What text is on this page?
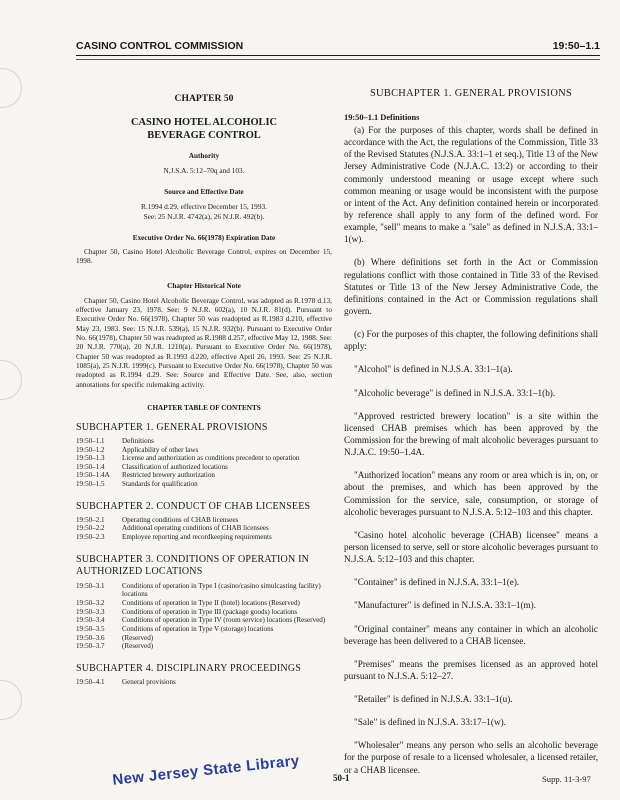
CASINO CONTROL COMMISSION	19:50–1.1
CHAPTER 50
CASINO HOTEL ALCOHOLIC
BEVERAGE CONTROL
Authority
N.J.S.A. 5:12–70q and 103.
Source and Effective Date
R.1994 d.29, effective December 15, 1993.
See: 25 N.J.R. 4742(a), 26 N.J.R. 492(b).
Executive Order No. 66(1978) Expiration Date
Chapter 50, Casino Hotel Alcoholic Beverage Control, expires on December 15, 1998.
Chapter Historical Note
Chapter 50, Casino Hotel Alcoholic Beverage Control, was adopted as R.1978 d.13, effective January 23, 1978. See: 9 N.J.R. 602(a), 10 N.J.R. 81(d). Pursuant to Executive Order No. 66(1978), Chapter 50 was readopted as R.1983 d.210, effective May 23, 1983. See: 15 N.J.R. 539(a), 15 N.J.R. 932(b). Pursuant to Executive Order No. 66(1978), Chapter 50 was readopted as R.1988 d.257, effective May 12, 1988. See: 20 N.J.R. 770(a), 20 N.J.R. 1210(a). Pursuant to Executive Order No. 66(1978), Chapter 50 was readopted as R.1993 d.220, effective April 26, 1993. See: 25 N.J.R. 1085(a), 25 N.J.R. 1999(c). Pursuant to Executive Order No. 66(1978), Chapter 50 was readopted as R.1994 d.29. See: Source and Effective Date. See, also, section annotations for specific rulemaking activity.
CHAPTER TABLE OF CONTENTS
SUBCHAPTER 1. GENERAL PROVISIONS
19:50–1.1	Definitions
19:50–1.2	Applicability of other laws
19:50–1.3	License and authorization as conditions precedent to operation
19:50–1.4	Classification of authorized locations
19:50–1.4A	Restricted brewery authorization
19:50–1.5	Standards for qualification
SUBCHAPTER 2. CONDUCT OF CHAB LICENSEES
19:50–2.1	Operating conditions of CHAB licensees
19:50–2.2	Additional operating conditions of CHAB licensees
19:50–2.3	Employee reporting and recordkeeping requirements
SUBCHAPTER 3. CONDITIONS OF OPERATION IN AUTHORIZED LOCATIONS
19:50–3.1	Conditions of operation in Type I (casino/casino simulcasting facility) locations
19:50–3.2	Conditions of operation in Type II (hotel) locations (Reserved)
19:50–3.3	Conditions of operation in Type III (package goods) locations
19:50–3.4	Conditions of operation in Type IV (room service) locations (Reserved)
19:50–3.5	Conditions of operation in Type V (storage) locations
19:50–3.6	(Reserved)
19:50–3.7	(Reserved)
SUBCHAPTER 4. DISCIPLINARY PROCEEDINGS
19:50–4.1	General provisions
SUBCHAPTER 1. GENERAL PROVISIONS
19:50–1.1 Definitions

(a) For the purposes of this chapter, words shall be defined in accordance with the Act, the regulations of the Commission, Title 33 of the Revised Statutes (N.J.S.A. 33:1–1 et seq.), Title 13 of the New Jersey Administrative Code (N.J.A.C. 13:2) or according to their commonly understood meaning or usage except where such common meaning or usage would be inconsistent with the purpose or intent of the Act. Any definition contained herein or incorporated by reference shall apply to any form of the defined word. For example, "sell" means to make a "sale" as defined in N.J.S.A. 33:1–1(w).

(b) Where definitions set forth in the Act or Commission regulations conflict with those contained in Title 33 of the Revised Statutes or Title 13 of the New Jersey Administrative Code, the definitions contained in the Act or Commission regulations shall govern.

(c) For the purposes of this chapter, the following definitions shall apply:

"Alcohol" is defined in N.J.S.A. 33:1–1(a).

"Alcoholic beverage" is defined in N.J.S.A. 33:1–1(b).

"Approved restricted brewery location" is a site within the licensed CHAB premises which has been approved by the Commission for the brewing of malt alcoholic beverages pursuant to N.J.A.C. 19:50–1.4A.

"Authorized location" means any room or area which is in, on, or about the premises, and which has been approved by the Commission for the service, sale, consumption, or storage of alcoholic beverages pursuant to N.J.S.A. 5:12–103 and this chapter.

"Casino hotel alcoholic beverage (CHAB) licensee" means a person licensed to serve, sell or store alcoholic beverages pursuant to N.J.S.A. 5:12–103 and this chapter.

"Container" is defined in N.J.S.A. 33:1–1(e).

"Manufacturer" is defined in N.J.S.A. 33:1–1(m).

"Original container" means any container in which an alcoholic beverage has been delivered to a CHAB licensee.

"Premises" means the premises licensed as an approved hotel pursuant to N.J.S.A. 5:12–27.

"Retailer" is defined in N.J.S.A. 33:1–1(u).

"Sale" is defined in N.J.S.A. 33:17–1(w).

"Wholesaler" means any person who sells an alcoholic beverage for the purpose of resale to a licensed wholesaler, a licensed retailer, or a CHAB licensee.

New Jersey State Library	50-1	Supp. 11-3-97
